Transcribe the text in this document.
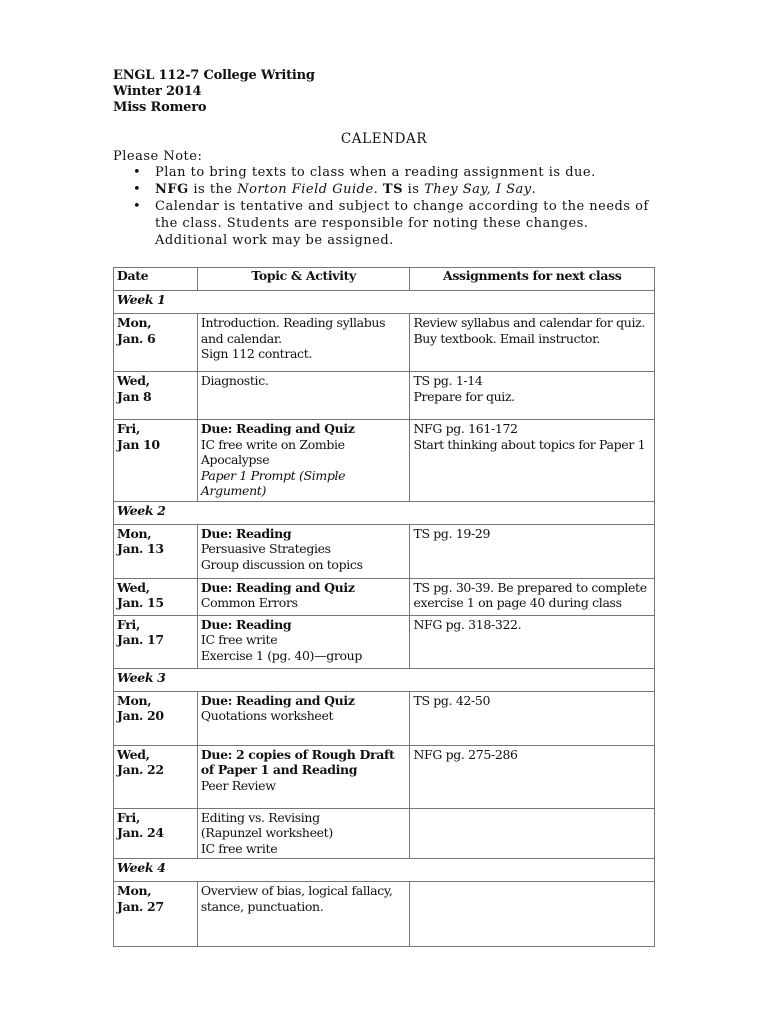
ENGL 112-7 College Writing
Winter 2014
Miss Romero
CALENDAR
Please Note:
• Plan to bring texts to class when a reading assignment is due.
• NFG is the Norton Field Guide. TS is They Say, I Say.
• Calendar is tentative and subject to change according to the needs of the class. Students are responsible for noting these changes. Additional work may be assigned.
Date	Topic & Activity	Assignments for next class
Week 1		

Mon,
Jan. 6	Introduction. Reading syllabus
and calendar.
Sign 112 contract.	Review syllabus and calendar for quiz.
Buy textbook. Email instructor.

Wed,
Jan 8	Diagnostic.	TS pg. 1-14
Prepare for quiz.

Fri,
Jan 10	Due: Reading and Quiz
IC free write on Zombie
Apocalypse
Paper 1 Prompt (Simple
Argument)	NFG pg. 161-172
Start thinking about topics for Paper 1

Week 2		

Mon,
Jan. 13	Due: Reading
Persuasive Strategies
Group discussion on topics	TS pg. 19-29

Wed,
Jan. 15	Due: Reading and Quiz
Common Errors	TS pg. 30-39. Be prepared to complete
exercise 1 on page 40 during class

Fri,
Jan. 17	Due: Reading
IC free write
Exercise 1 (pg. 40)—group	NFG pg. 318-322.

Week 3		

Mon,
Jan. 20	Due: Reading and Quiz
Quotations worksheet	TS pg. 42-50

Wed,
Jan. 22	Due: 2 copies of Rough Draft
of Paper 1 and Reading
Peer Review	NFG pg. 275-286

Fri,
Jan. 24	Editing vs. Revising
(Rapunzel worksheet)
IC free write	

Week 4		

Mon,
Jan. 27	Overview of bias, logical fallacy,
stance, punctuation.	
